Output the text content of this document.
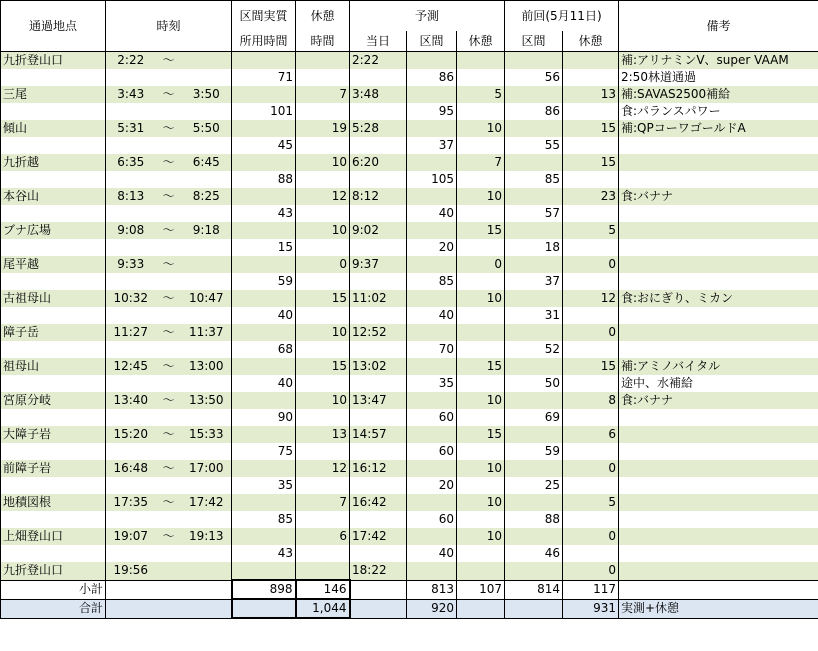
通過地点	時刻			区間実質	休憩	予測			前回(5月11日)		備考
				所用時間	時間	当日	区間	休憩	区間	休憩	
九折登山口	2:22	〜				2:22					補:アリナミンV、super VAAM
				71			86		56		2:50林道通過
三尾	3:43	〜	3:50		7	3:48		5		13	補:SAVAS2500補給
				101			95		86		食:パランスパワー
傾山	5:31	〜	5:50		19	5:28		10		15	補:QPコーワゴールドA
				45			37		55		
九折越	6:35	〜	6:45		10	6:20		7		15	
				88			105		85		
本谷山	8:13	〜	8:25		12	8:12		10		23	食:バナナ
				43			40		57		
ブナ広場	9:08	〜	9:18		10	9:02		15		5	
				15			20		18		
尾平越	9:33	〜			0	9:37		0		0	
				59			85		37		
古祖母山	10:32	〜	10:47		15	11:02		10		12	食:おにぎり、ミカン
				40			40		31		
障子岳	11:27	〜	11:37		10	12:52				0	
				68			70		52		
祖母山	12:45	〜	13:00		15	13:02		15		15	補:アミノバイタル
				40			35		50		途中、水補給
宮原分岐	13:40	〜	13:50		10	13:47		10		8	食:バナナ
				90			60		69		
大障子岩	15:20	〜	15:33		13	14:57		15		6	
				75			60		59		
前障子岩	16:48	〜	17:00		12	16:12		10		0	
				35			20		25		
地積図根	17:35	〜	17:42		7	16:42		10		5	
				85			60		88		
上畑登山口	19:07	〜	19:13		6	17:42		10		0	
				43			40		46		
九折登山口	19:56					18:22				0	
小計				898	146		813	107	814	117	
合計					1,044		920			931	実測+休憩
